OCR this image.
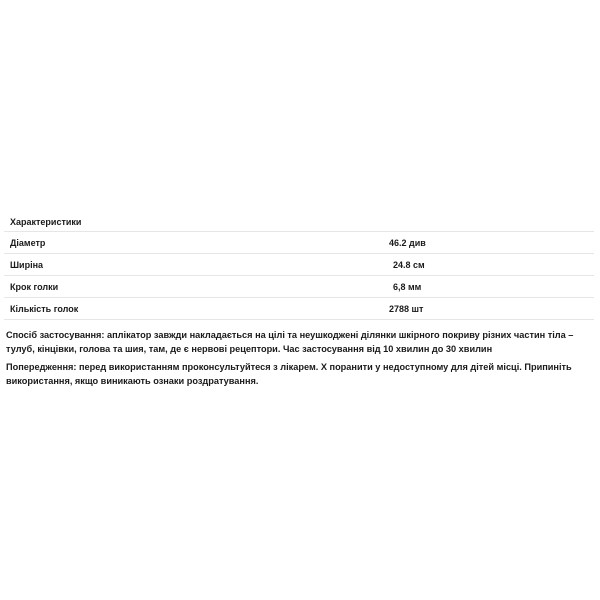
Характеристики
Діаметр	46.2 див
Ширіна	24.8 см
Крок голки	6,8 мм
Кількість голок	2788 шт

Спосіб застосування: аплікатор завжди накладається на цілі та неушкоджені ділянки шкірного покриву різних частин тіла –
тулуб, кінцівки, голова та шия, там, де є нервові рецептори. Час застосування від 10 хвилин до 30 хвилин

Попередження: перед використанням проконсультуйтеся з лікарем. Х поранити у недоступному для дітей місці. Припиніть
використання, якщо виникають ознаки роздратування.
